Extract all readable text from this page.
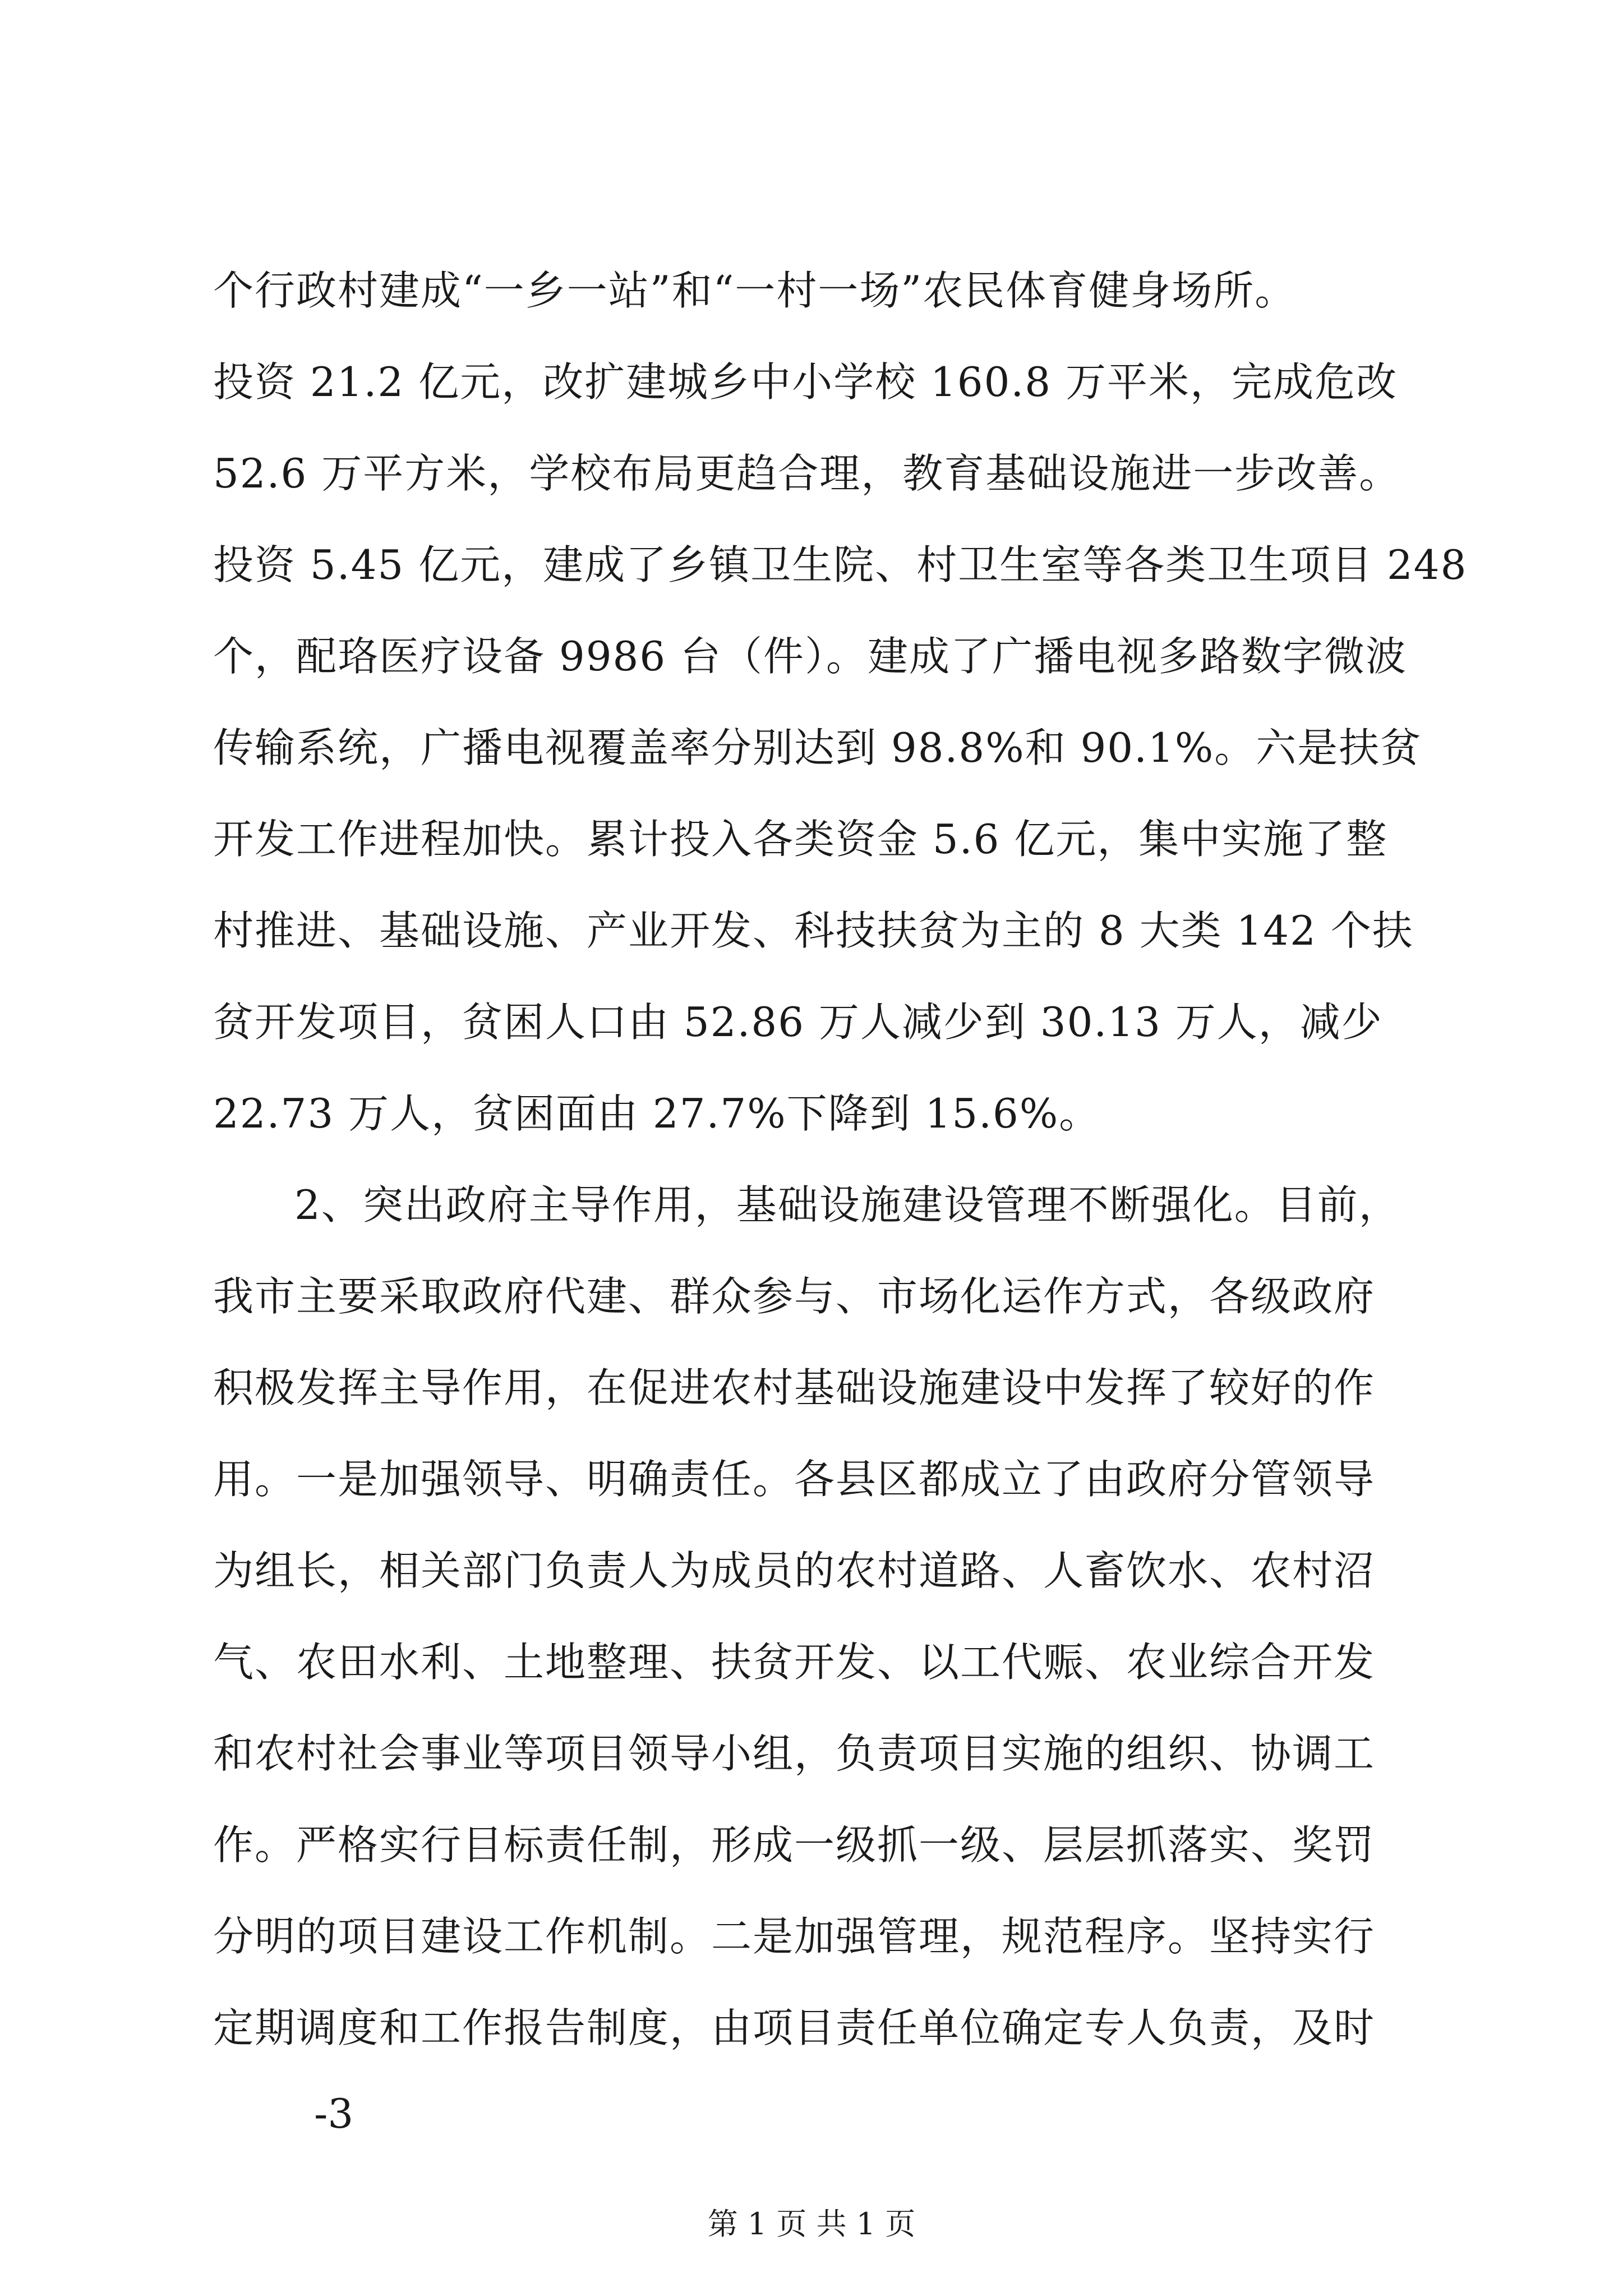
个行政村建成“一乡一站”和“一村一场”农民体育健身场所。
投资 21.2 亿元，改扩建城乡中小学校 160.8 万平米，完成危改
52.6 万平方米，学校布局更趋合理，教育基础设施进一步改善。
投资 5.45 亿元，建成了乡镇卫生院、村卫生室等各类卫生项目 248
个，配珞医疗设备 9986 台（件）。建成了广播电视多路数字微波
传输系统，广播电视覆盖率分别达到 98.8%和 90.1%。六是扶贫
开发工作进程加快。累计投入各类资金 5.6 亿元，集中实施了整
村推进、基础设施、产业开发、科技扶贫为主的 8 大类 142 个扶
贫开发项目，贫困人口由 52.86 万人减少到 30.13 万人，减少
22.73 万人，贫困面由 27.7%下降到 15.6%。
2、突出政府主导作用，基础设施建设管理不断强化。目前，
我市主要采取政府代建、群众参与、市场化运作方式，各级政府
积极发挥主导作用，在促进农村基础设施建设中发挥了较好的作
用。一是加强领导、明确责任。各县区都成立了由政府分管领导
为组长，相关部门负责人为成员的农村道路、人畜饮水、农村沼
气、农田水利、土地整理、扶贫开发、以工代赈、农业综合开发
和农村社会事业等项目领导小组，负责项目实施的组织、协调工
作。严格实行目标责任制，形成一级抓一级、层层抓落实、奖罚
分明的项目建设工作机制。二是加强管理，规范程序。坚持实行
定期调度和工作报告制度，由项目责任单位确定专人负责，及时
-3
第 1 页 共 1 页
